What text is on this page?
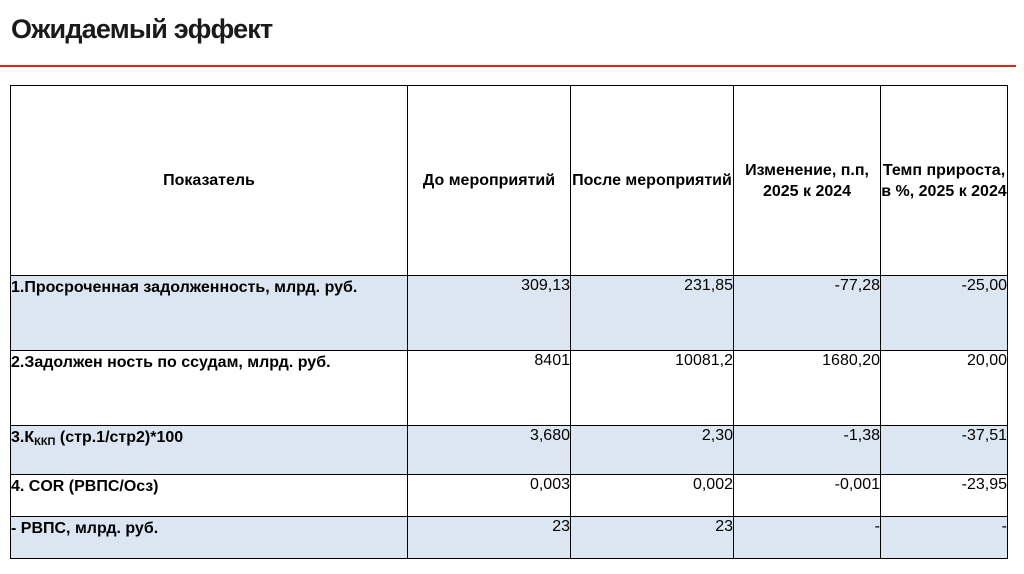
Ожидаемый эффект
Показатель	До мероприятий	После мероприятий	Изменение, п.п, 2025 к 2024	Темп прироста, в %, 2025 к 2024
1.Просроченная задолженность, млрд. руб.	309,13	231,85	-77,28	-25,00
2.Задолжен ность по ссудам, млрд. руб.	8401	10081,2	1680,20	20,00
$3.К_{ККП}$ (стр.1/стр2)*100	3,680	2,30	-1,38	-37,51
4. COR (РВПС/Осз)	0,003	0,002	-0,001	-23,95
- РВПС, млрд. руб.	23	23	-	-
